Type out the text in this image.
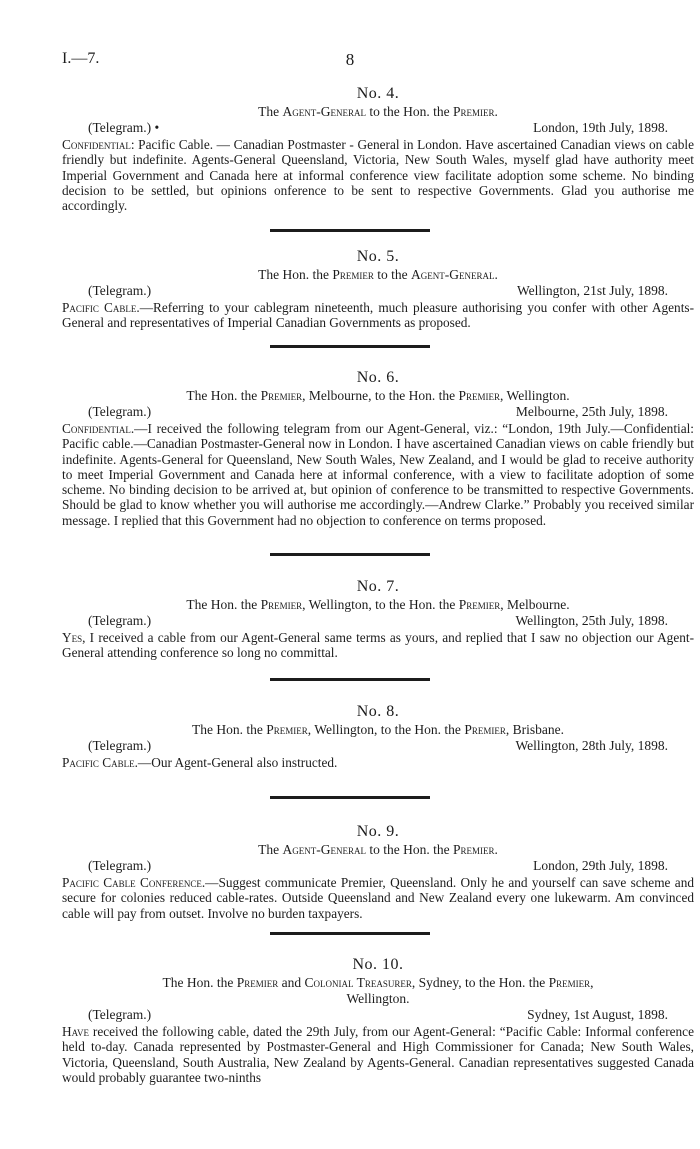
I.—7.	8
No. 4.
The Agent-General to the Hon. the Premier.
(Telegram.) •	London, 19th July, 1898.
Confidential: Pacific Cable. — Canadian Postmaster - General in London. Have ascertained Canadian views on cable friendly but indefinite. Agents-General Queensland, Victoria, New South Wales, myself glad have authority meet Imperial Government and Canada here at informal conference view facilitate adoption some scheme. No binding decision to be settled, but opinions onference to be sent to respective Governments. Glad you authorise me accordingly.
No. 5.
The Hon. the Premier to the Agent-General.
(Telegram.)	Wellington, 21st July, 1898.
Pacific Cable.—Referring to your cablegram nineteenth, much pleasure authorising you confer with other Agents-General and representatives of Imperial Canadian Governments as proposed.
No. 6.
The Hon. the Premier, Melbourne, to the Hon. the Premier, Wellington.
(Telegram.)	Melbourne, 25th July, 1898.
Confidential.—I received the following telegram from our Agent-General, viz.: “London, 19th July.—Confidential: Pacific cable.—Canadian Postmaster-General now in London. I have ascertained Canadian views on cable friendly but indefinite. Agents-General for Queensland, New South Wales, New Zealand, and I would be glad to receive authority to meet Imperial Government and Canada here at informal conference, with a view to facilitate adoption of some scheme. No binding decision to be arrived at, but opinion of conference to be transmitted to respective Governments. Should be glad to know whether you will authorise me accordingly.—Andrew Clarke.” Probably you received similar message. I replied that this Government had no objection to conference on terms proposed.
No. 7.
The Hon. the Premier, Wellington, to the Hon. the Premier, Melbourne.
(Telegram.)	Wellington, 25th July, 1898.
Yes, I received a cable from our Agent-General same terms as yours, and replied that I saw no objection our Agent-General attending conference so long no committal.
No. 8.
The Hon. the Premier, Wellington, to the Hon. the Premier, Brisbane.
(Telegram.)	Wellington, 28th July, 1898.
Pacific Cable.—Our Agent-General also instructed.
No. 9.
The Agent-General to the Hon. the Premier.
(Telegram.)	London, 29th July, 1898.
Pacific Cable Conference.—Suggest communicate Premier, Queensland. Only he and yourself can save scheme and secure for colonies reduced cable-rates. Outside Queensland and New Zealand every one lukewarm. Am convinced cable will pay from outset. Involve no burden taxpayers.
No. 10.
The Hon. the Premier and Colonial Treasurer, Sydney, to the Hon. the Premier,
Wellington.
(Telegram.)	Sydney, 1st August, 1898.
Have received the following cable, dated the 29th July, from our Agent-General: “Pacific Cable: Informal conference held to-day. Canada represented by Postmaster-General and High Commissioner for Canada; New South Wales, Victoria, Queensland, South Australia, New Zealand by Agents-General. Canadian representatives suggested Canada would probably guarantee two-ninths
